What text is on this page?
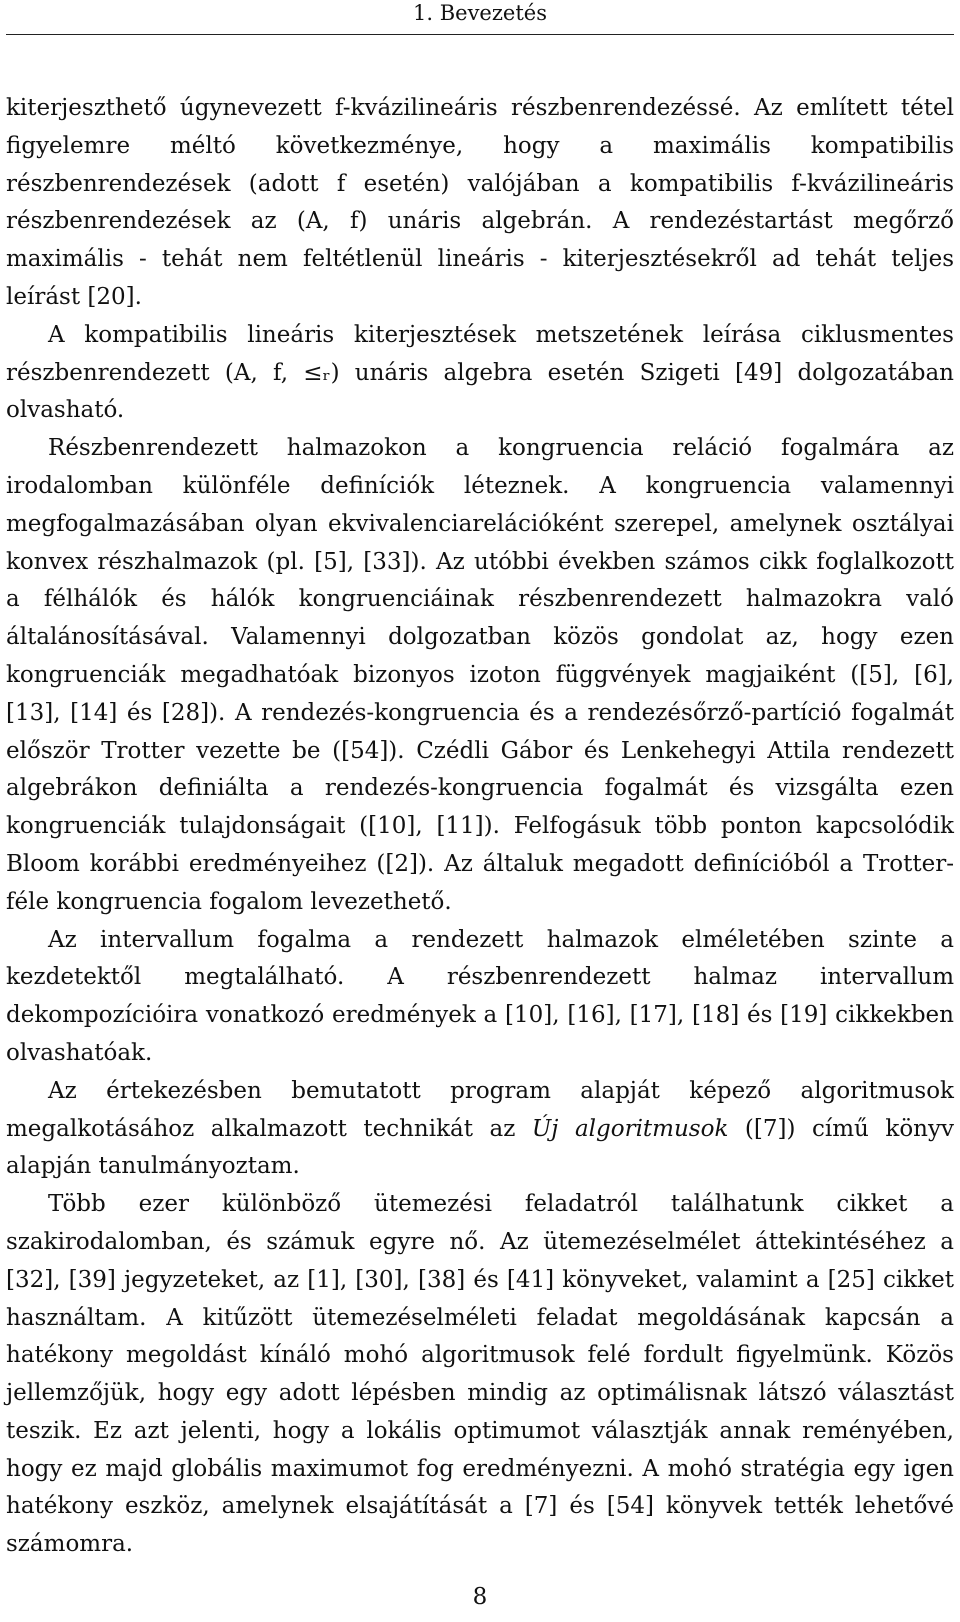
1. Bevezetés

kiterjeszthető úgynevezett f-kvázilineáris részbenrendezéssé. Az említett tétel figyelemre méltó következménye, hogy a maximális kompatibilis részbenrendezések (adott f esetén) valójában a kompatibilis f-kvázilineáris részbenrendezések az (A, f) unáris algebrán. A rendezéstartást megőrző maximális - tehát nem feltétlenül lineáris - kiterjesztésekről ad tehát teljes leírást [20].

A kompatibilis lineáris kiterjesztések metszetének leírása ciklusmentes részbenrendezett (A, f, ≤ᵣ) unáris algebra esetén Szigeti [49] dolgozatában olvasható.

Részbenrendezett halmazokon a kongruencia reláció fogalmára az irodalomban különféle definíciók léteznek. A kongruencia valamennyi megfogalmazásában olyan ekvivalenciarelációként szerepel, amelynek osztályai konvex részhalmazok (pl. [5], [33]). Az utóbbi években számos cikk foglalkozott a félhálók és hálók kongruenciáinak részbenrendezett halmazokra való általánosításával. Valamennyi dolgozatban közös gondolat az, hogy ezen kongruenciák megadhatóak bizonyos izoton függvények magjaiként ([5], [6], [13], [14] és [28]). A rendezés-kongruencia és a rendezésőrző-partíció fogalmát először Trotter vezette be ([54]). Czédli Gábor és Lenkehegyi Attila rendezett algebrákon definiálta a rendezés-kongruencia fogalmát és vizsgálta ezen kongruenciák tulajdonságait ([10], [11]). Felfogásuk több ponton kapcsolódik Bloom korábbi eredményeihez ([2]). Az általuk megadott definícióból a Trotter-féle kongruencia fogalom levezethető.

Az intervallum fogalma a rendezett halmazok elméletében szinte a kezdetektől megtalálható. A részbenrendezett halmaz intervallum dekompozícióira vonatkozó eredmények a [10], [16], [17], [18] és [19] cikkekben olvashatóak.

Az értekezésben bemutatott program alapját képező algoritmusok megalkotásához alkalmazott technikát az Új algoritmusok ([7]) című könyv alapján tanulmányoztam.

Több ezer különböző ütemezési feladatról találhatunk cikket a szakirodalomban, és számuk egyre nő. Az ütemezéselmélet áttekintéséhez a [32], [39] jegyzeteket, az [1], [30], [38] és [41] könyveket, valamint a [25] cikket használtam. A kitűzött ütemezéselméleti feladat megoldásának kapcsán a hatékony megoldást kínáló mohó algoritmusok felé fordult figyelmünk. Közös jellemzőjük, hogy egy adott lépésben mindig az optimálisnak látszó választást teszik. Ez azt jelenti, hogy a lokális optimumot választják annak reményében, hogy ez majd globális maximumot fog eredményezni. A mohó stratégia egy igen hatékony eszköz, amelynek elsajátítását a [7] és [54] könyvek tették lehetővé számomra.

8
